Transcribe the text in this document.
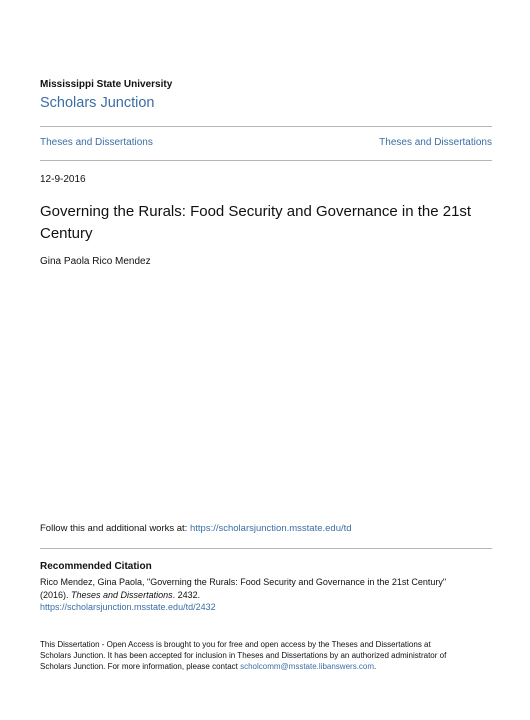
Mississippi State University
Scholars Junction
Theses and Dissertations	Theses and Dissertations
12-9-2016
Governing the Rurals: Food Security and Governance in the 21st Century
Gina Paola Rico Mendez
Follow this and additional works at: https://scholarsjunction.msstate.edu/td
Recommended Citation
Rico Mendez, Gina Paola, "Governing the Rurals: Food Security and Governance in the 21st Century"
(2016). Theses and Dissertations. 2432.
https://scholarsjunction.msstate.edu/td/2432
This Dissertation - Open Access is brought to you for free and open access by the Theses and Dissertations at
Scholars Junction. It has been accepted for inclusion in Theses and Dissertations by an authorized administrator of
Scholars Junction. For more information, please contact scholcomm@msstate.libanswers.com.
